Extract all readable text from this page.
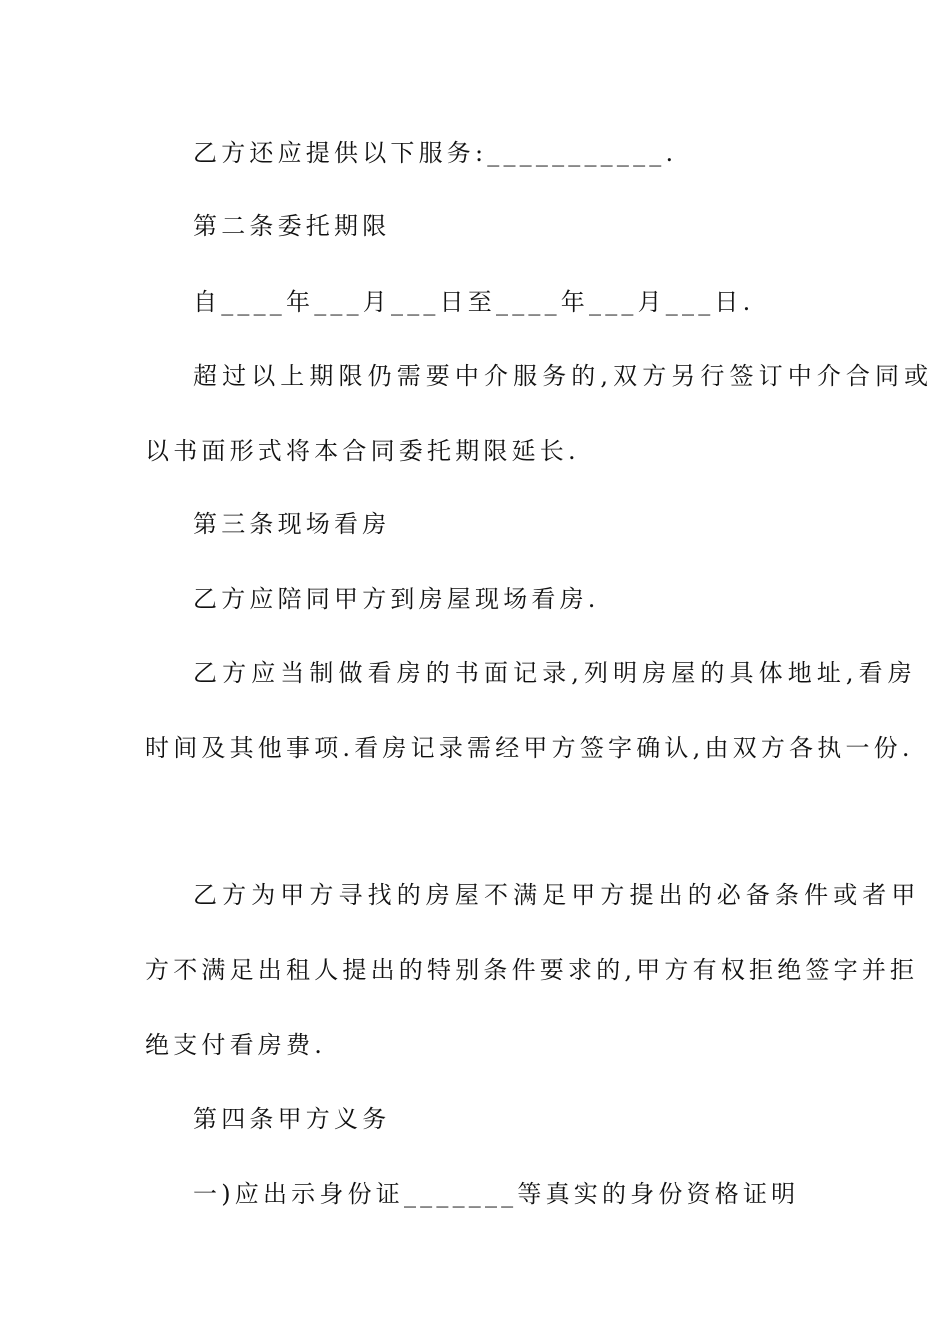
乙方还应提供以下服务:___________.

第二条委托期限

自____年___月___日至____年___月___日.

超过以上期限仍需要中介服务的,双方另行签订中介合同或

以书面形式将本合同委托期限延长.

第三条现场看房

乙方应陪同甲方到房屋现场看房.

乙方应当制做看房的书面记录,列明房屋的具体地址,看房

时间及其他事项.看房记录需经甲方签字确认,由双方各执一份.

乙方为甲方寻找的房屋不满足甲方提出的必备条件或者甲

方不满足出租人提出的特别条件要求的,甲方有权拒绝签字并拒

绝支付看房费.

第四条甲方义务

一)应出示身份证_______等真实的身份资格证明
